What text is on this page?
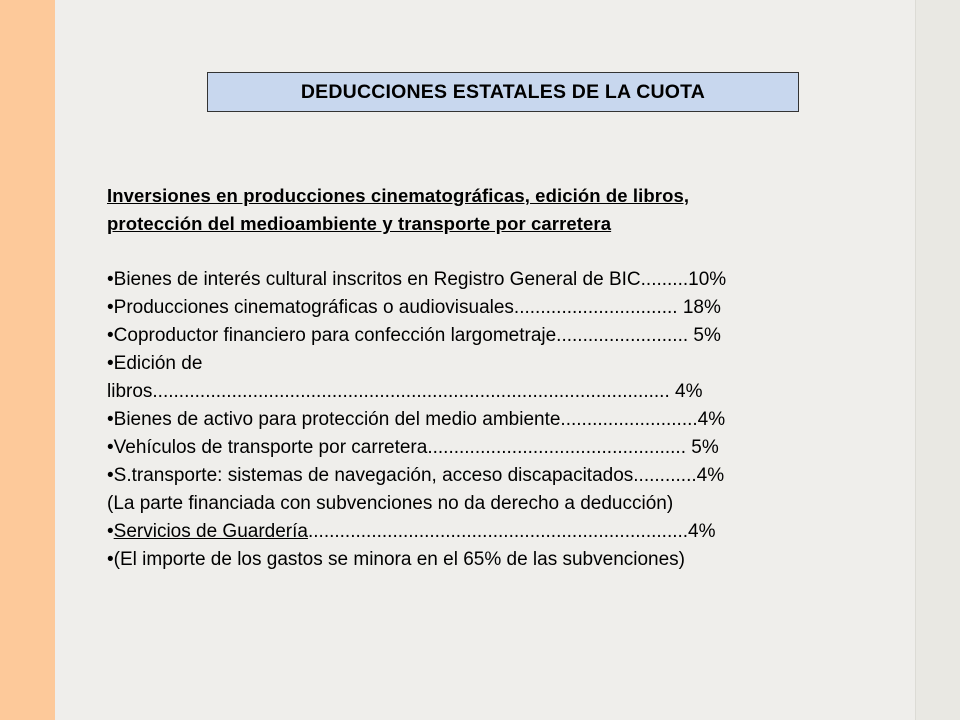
DEDUCCIONES ESTATALES DE LA CUOTA
Inversiones en producciones cinematográficas, edición de libros,
protección del medioambiente y transporte por carretera
•Bienes de interés cultural inscritos en Registro General de BIC.........10%
•Producciones cinematográficas o audiovisuales............................... 18%
•Coproductor financiero para confección largometraje......................... 5%
•Edición de
libros.................................................................................................. 4%
•Bienes de activo para protección del medio ambiente..........................4%
•Vehículos de transporte por carretera................................................. 5%
•S.transporte: sistemas de navegación, acceso discapacitados............4%
(La parte financiada con subvenciones no da derecho a deducción)
•Servicios de Guardería........................................................................4%
•(El importe de los gastos se minora en el 65% de las subvenciones)
